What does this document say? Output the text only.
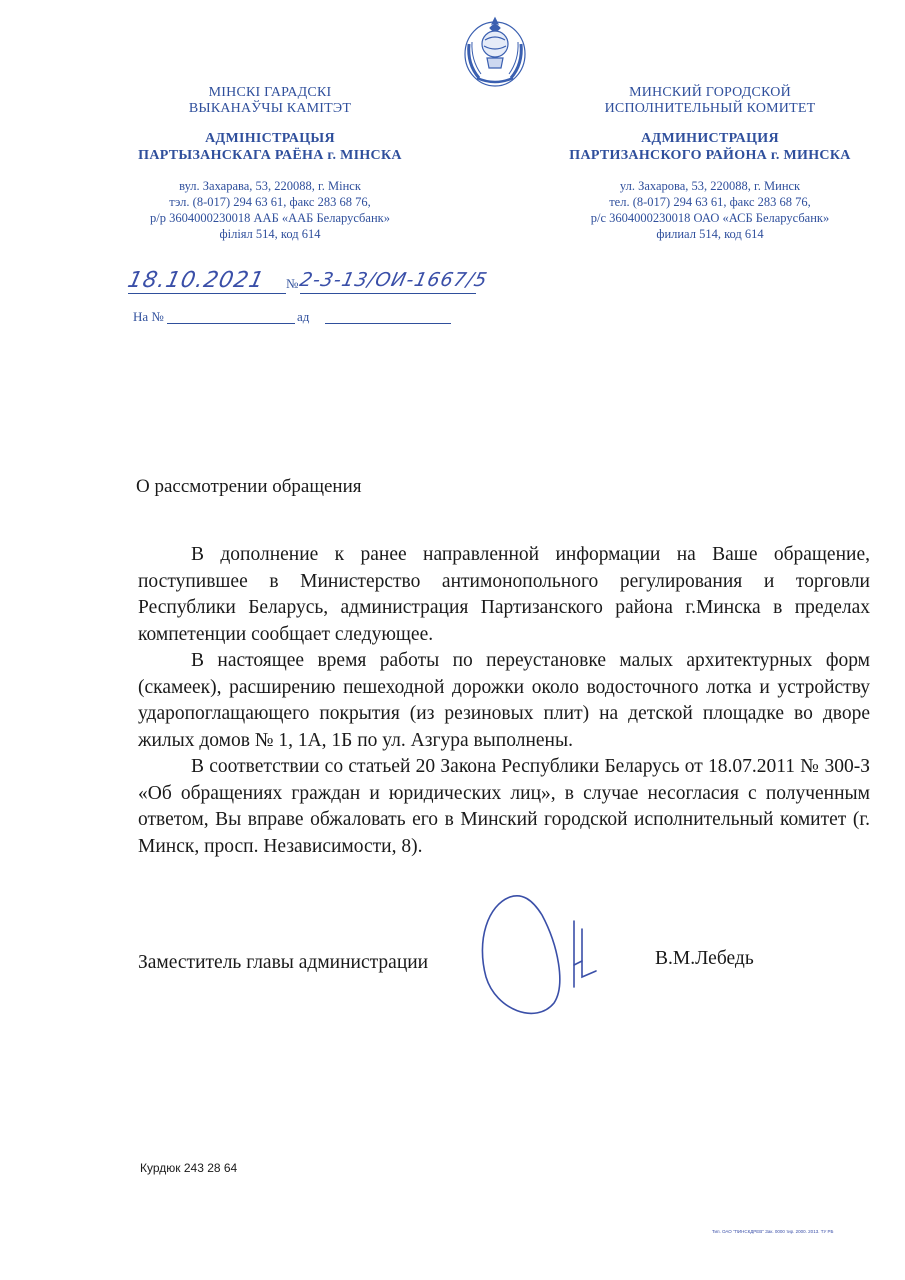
МІНСКІ ГАРАДСКІ
ВЫКАНАЎЧЫ КАМІТЭТ
АДМІНІСТРАЦЫЯ
ПАРТЫЗАНСКАГА РАЁНА г. МІНСКА
вул. Захарава, 53, 220088, г. Мінск
тэл. (8-017) 294 63 61, факс 283 68 76,
р/р 3604000230018 ААБ «ААБ Беларусбанк»
філіял 514, код 614
МИНСКИЙ ГОРОДСКОЙ
ИСПОЛНИТЕЛЬНЫЙ КОМИТЕТ
АДМИНИСТРАЦИЯ
ПАРТИЗАНСКОГО РАЙОНА г. МИНСКА
ул. Захарова, 53, 220088, г. Минск
тел. (8-017) 294 63 61, факс 283 68 76,
р/с 3604000230018 ОАО «АСБ Беларусбанк»
филиал 514, код 614
18.10.2021 № 2-3-13/ОИ-1667/5
На №	ад
О рассмотрении обращения

В дополнение к ранее направленной информации на Ваше обращение, поступившее в Министерство антимонопольного регулирования и торговли Республики Беларусь, администрация Партизанского района г.Минска в пределах компетенции сообщает следующее.

В настоящее время работы по переустановке малых архитектурных форм (скамеек), расширению пешеходной дорожки около водосточного лотка и устройству ударопоглащающего покрытия (из резиновых плит) на детской площадке во дворе жилых домов № 1, 1А, 1Б по ул. Азгура выполнены.

В соответствии со статьей 20 Закона Республики Беларусь от 18.07.2011 № 300-З «Об обращениях граждан и юридических лиц», в случае несогласия с полученным ответом, Вы вправе обжаловать его в Минский городской исполнительный комитет (г. Минск, просп. Независимости, 8).

Заместитель главы администрации	В.М.Лебедь
Курдюк 243 28 64
Тип. ОАО "ПИНСКДРЕВ" Зак. 0000 тир. 2000. 2013. ТУ РБ
